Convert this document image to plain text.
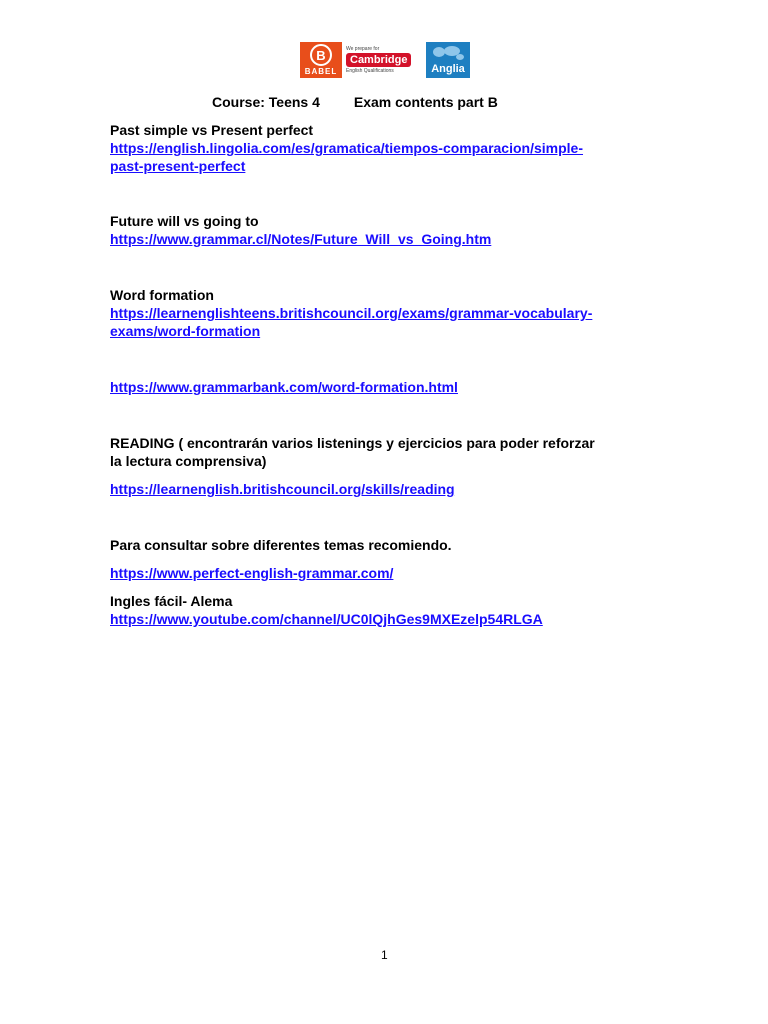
B
BABEL
We prepare for
Cambridge
English Qualifications	Anglia
Course: Teens 4 Exam contents part B
Past simple vs Present perfect
https://english.lingolia.com/es/gramatica/tiempos-comparacion/simple-
past-present-perfect
Future will vs going to
https://www.grammar.cl/Notes/Future_Will_vs_Going.htm
Word formation
https://learnenglishteens.britishcouncil.org/exams/grammar-vocabulary-
exams/word-formation
https://www.grammarbank.com/word-formation.html
READING ( encontrarán varios listenings y ejercicios para poder reforzar
la lectura comprensiva)
https://learnenglish.britishcouncil.org/skills/reading
Para consultar sobre diferentes temas recomiendo.
https://www.perfect-english-grammar.com/
Ingles fácil- Alema
https://www.youtube.com/channel/UC0lQjhGes9MXEzelp54RLGA
1
